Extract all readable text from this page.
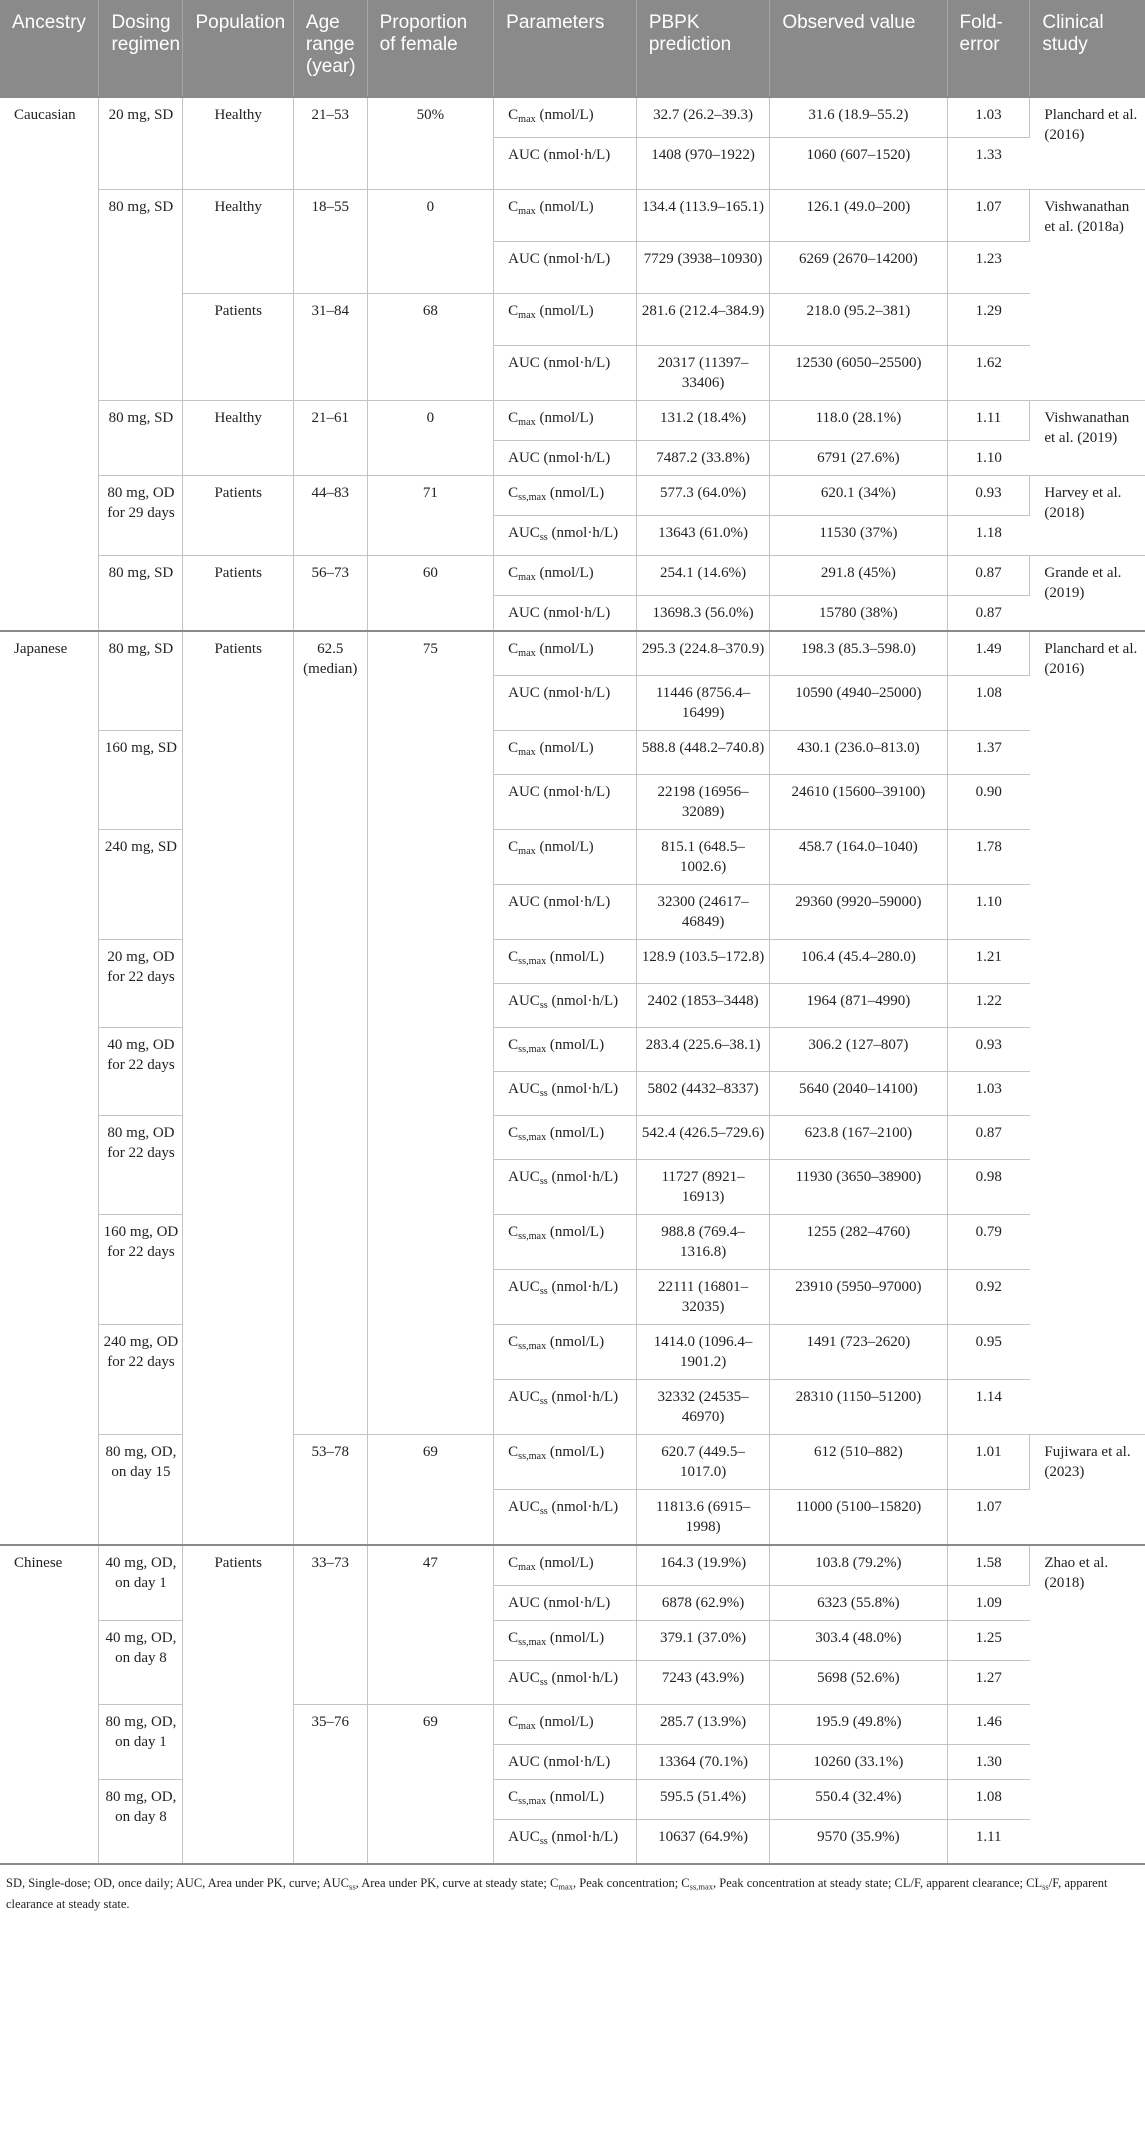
Ancestry	Dosing regimen	Population	Age range (year)	Proportion of female	Parameters	PBPK prediction	Observed value	Fold-error	Clinical study
Caucasian	20 mg, SD	Healthy	21–53	50%	$C_{max}$ (nmol/L)	32.7 (26.2–39.3)	31.6 (18.9–55.2)	1.03	Planchard et al. (2016)
					AUC (nmol·h/L)	1408 (970–1922)	1060 (607–1520)	1.33	
	80 mg, SD	Healthy	18–55	0	$C_{max}$ (nmol/L)	134.4 (113.9–165.1)	126.1 (49.0–200)	1.07	Vishwanathan et al. (2018a)
					AUC (nmol·h/L)	7729 (3938–10930)	6269 (2670–14200)	1.23	
		Patients	31–84	68	$C_{max}$ (nmol/L)	281.6 (212.4–384.9)	218.0 (95.2–381)	1.29	
					AUC (nmol·h/L)	20317 (11397–33406)	12530 (6050–25500)	1.62	
	80 mg, SD	Healthy	21–61	0	$C_{max}$ (nmol/L)	131.2 (18.4%)	118.0 (28.1%)	1.11	Vishwanathan et al. (2019)
					AUC (nmol·h/L)	7487.2 (33.8%)	6791 (27.6%)	1.10	
	80 mg, OD for 29 days	Patients	44–83	71	$C_{ss,max}$ (nmol/L)	577.3 (64.0%)	620.1 (34%)	0.93	Harvey et al. (2018)
					$AUC_{ss}$ (nmol·h/L)	13643 (61.0%)	11530 (37%)	1.18	
	80 mg, SD	Patients	56–73	60	$C_{max}$ (nmol/L)	254.1 (14.6%)	291.8 (45%)	0.87	Grande et al. (2019)
					AUC (nmol·h/L)	13698.3 (56.0%)	15780 (38%)	0.87	
Japanese	80 mg, SD	Patients	62.5 (median)	75	$C_{max}$ (nmol/L)	295.3 (224.8–370.9)	198.3 (85.3–598.0)	1.49	Planchard et al. (2016)
					AUC (nmol·h/L)	11446 (8756.4–16499)	10590 (4940–25000)	1.08	
	160 mg, SD				$C_{max}$ (nmol/L)	588.8 (448.2–740.8)	430.1 (236.0–813.0)	1.37	
					AUC (nmol·h/L)	22198 (16956–32089)	24610 (15600–39100)	0.90	
	240 mg, SD				$C_{max}$ (nmol/L)	815.1 (648.5–1002.6)	458.7 (164.0–1040)	1.78	
					AUC (nmol·h/L)	32300 (24617–46849)	29360 (9920–59000)	1.10	
	20 mg, OD for 22 days				$C_{ss,max}$ (nmol/L)	128.9 (103.5–172.8)	106.4 (45.4–280.0)	1.21	
					$AUC_{ss}$ (nmol·h/L)	2402 (1853–3448)	1964 (871–4990)	1.22	
	40 mg, OD for 22 days				$C_{ss,max}$ (nmol/L)	283.4 (225.6–38.1)	306.2 (127–807)	0.93	
					$AUC_{ss}$ (nmol·h/L)	5802 (4432–8337)	5640 (2040–14100)	1.03	
	80 mg, OD for 22 days				$C_{ss,max}$ (nmol/L)	542.4 (426.5–729.6)	623.8 (167–2100)	0.87	
					$AUC_{ss}$ (nmol·h/L)	11727 (8921–16913)	11930 (3650–38900)	0.98	
	160 mg, OD for 22 days				$C_{ss,max}$ (nmol/L)	988.8 (769.4–1316.8)	1255 (282–4760)	0.79	
					$AUC_{ss}$ (nmol·h/L)	22111 (16801–32035)	23910 (5950–97000)	0.92	
	240 mg, OD for 22 days				$C_{ss,max}$ (nmol/L)	1414.0 (1096.4–1901.2)	1491 (723–2620)	0.95	
					$AUC_{ss}$ (nmol·h/L)	32332 (24535–46970)	28310 (1150–51200)	1.14	
	80 mg, OD, on day 15		53–78	69	$C_{ss,max}$ (nmol/L)	620.7 (449.5–1017.0)	612 (510–882)	1.01	Fujiwara et al. (2023)
					$AUC_{ss}$ (nmol·h/L)	11813.6 (6915–1998)	11000 (5100–15820)	1.07	
Chinese	40 mg, OD, on day 1	Patients	33–73	47	$C_{max}$ (nmol/L)	164.3 (19.9%)	103.8 (79.2%)	1.58	Zhao et al. (2018)
					AUC (nmol·h/L)	6878 (62.9%)	6323 (55.8%)	1.09	
	40 mg, OD, on day 8				$C_{ss,max}$ (nmol/L)	379.1 (37.0%)	303.4 (48.0%)	1.25	
					$AUC_{ss}$ (nmol·h/L)	7243 (43.9%)	5698 (52.6%)	1.27	
	80 mg, OD, on day 1		35–76	69	$C_{max}$ (nmol/L)	285.7 (13.9%)	195.9 (49.8%)	1.46	
					AUC (nmol·h/L)	13364 (70.1%)	10260 (33.1%)	1.30	
	80 mg, OD, on day 8				$C_{ss,max}$ (nmol/L)	595.5 (51.4%)	550.4 (32.4%)	1.08	
					$AUC_{ss}$ (nmol·h/L)	10637 (64.9%)	9570 (35.9%)	1.11	
SD, Single-dose; OD, once daily; AUC, Area under PK, curve; $AUC_{ss}$, Area under PK, curve at steady state; $C_{max}$, Peak concentration; $C_{ss,max}$, Peak concentration at steady state; CL/F, apparent clearance; $CL_{ss}/F$, apparent clearance at steady state.
